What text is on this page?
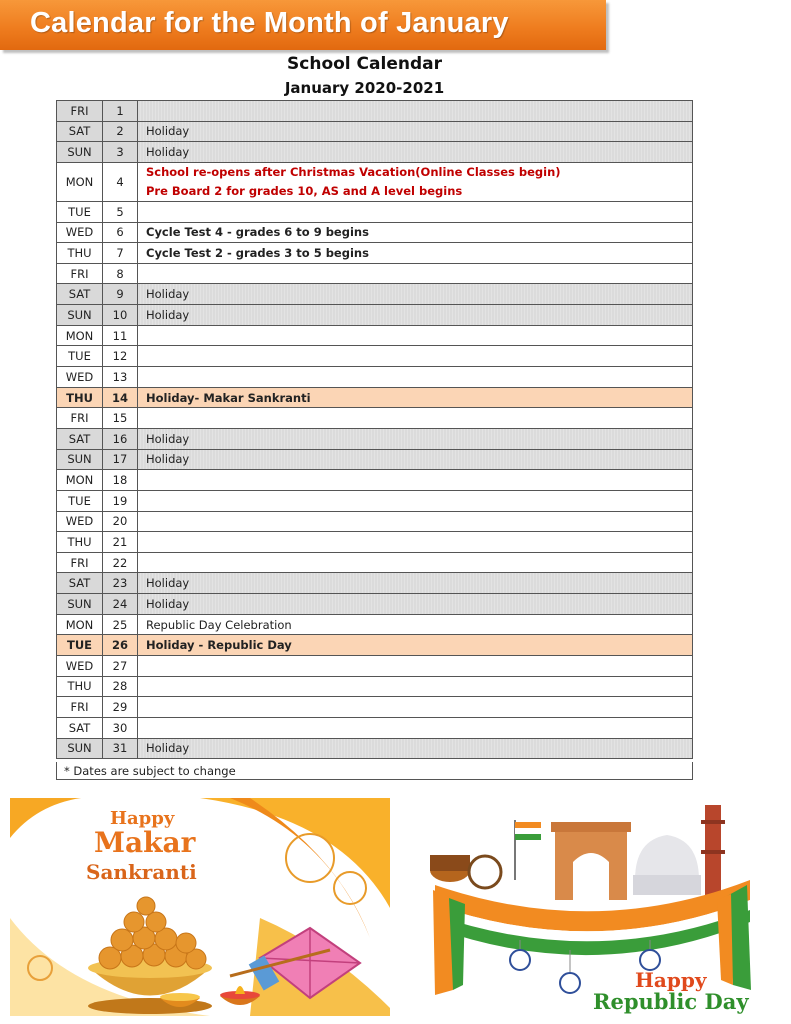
Calendar for the Month of January
School Calendar
January 2020-2021
FRI	1	
SAT	2	Holiday
SUN	3	Holiday
MON	4	School re-opens after Christmas Vacation(Online Classes begin)
Pre Board 2 for grades 10, AS and A level begins

TUE	5	
WED	6	Cycle Test 4 - grades 6 to 9 begins
THU	7	Cycle Test 2 - grades 3 to 5 begins
FRI	8	
SAT	9	Holiday
SUN	10	Holiday
MON	11	
TUE	12	
WED	13	
THU	14	Holiday- Makar Sankranti
FRI	15	
SAT	16	Holiday
SUN	17	Holiday
MON	18	
TUE	19	
WED	20	
THU	21	
FRI	22	
SAT	23	Holiday
SUN	24	Holiday
MON	25	Republic Day Celebration
TUE	26	Holiday - Republic Day
WED	27	
THU	28	
FRI	29	
SAT	30	
SUN	31	Holiday
* Dates are subject to change
Happy
Makar
Sankranti
Happy
Republic Day
